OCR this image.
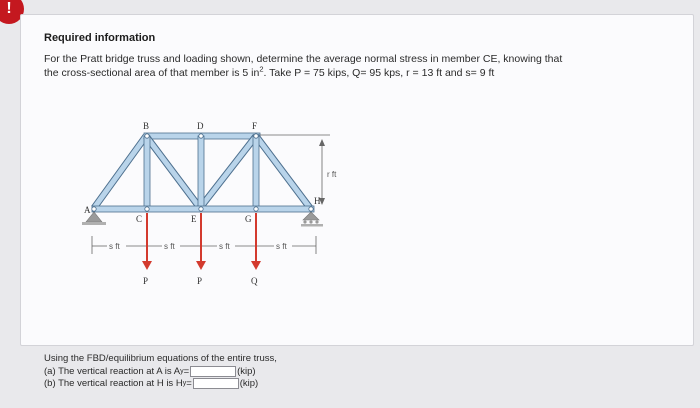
!
Required information
For the Pratt bridge truss and loading shown, determine the average normal stress in member CE, knowing that
the cross-sectional area of that member is 5 $in^2$. Take P = 75 kips, Q= 95 kps, r = 13 ft and s= 9 ft
B	D	F
A
C	E	G
H
s ft	s ft	s ft	s ft
r ft
P	P	Q
Using the FBD/equilibrium equations of the entire truss,
(a) The vertical reaction at A is A y =	(kip)
(b) The vertical reaction at H is H y =	(kip)
